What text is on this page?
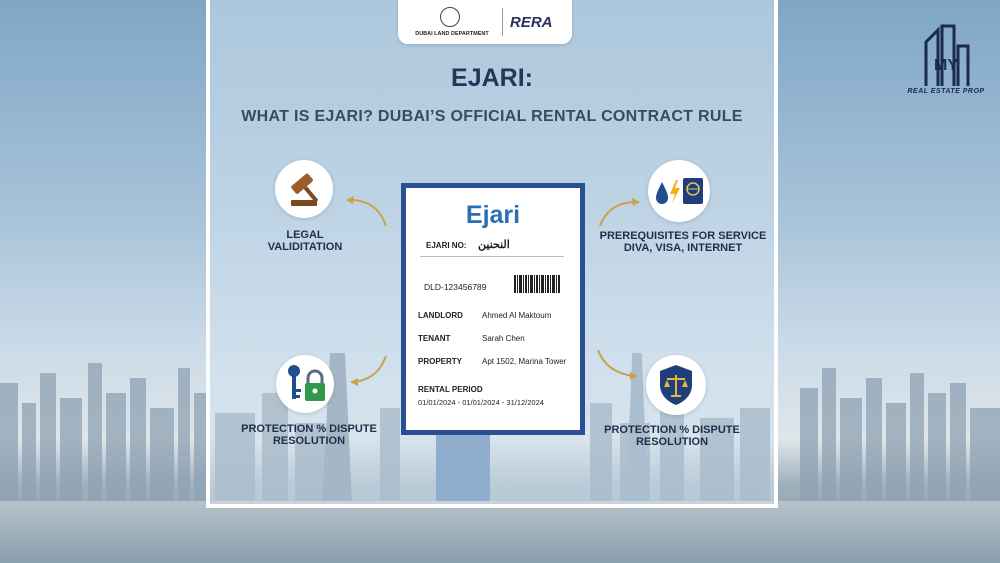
DUBAI LAND DEPARTMENT
RERA
EJARI:
WHAT IS EJARI? DUBAI’S OFFICIAL RENTAL CONTRACT RULE
LEGAL
VALIDITATION
PREREQUISITES FOR SERVICE
DIVA, VISA, INTERNET
PROTECTION % DISPUTE
RESOLUTION
PROTECTION % DISPUTE
RESOLUTION
Ejari
EJARI NO: النحنين
DLD-123456789
LANDLORD Ahmed Al Maktoum
TENANT	Sarah Chen
PROPERTY Apt 1502, Marina Tower
RENTAL PERIOD
01/01/2024 - 01/01/2024 - 31/12/2024
MY
REAL ESTATE PROP
